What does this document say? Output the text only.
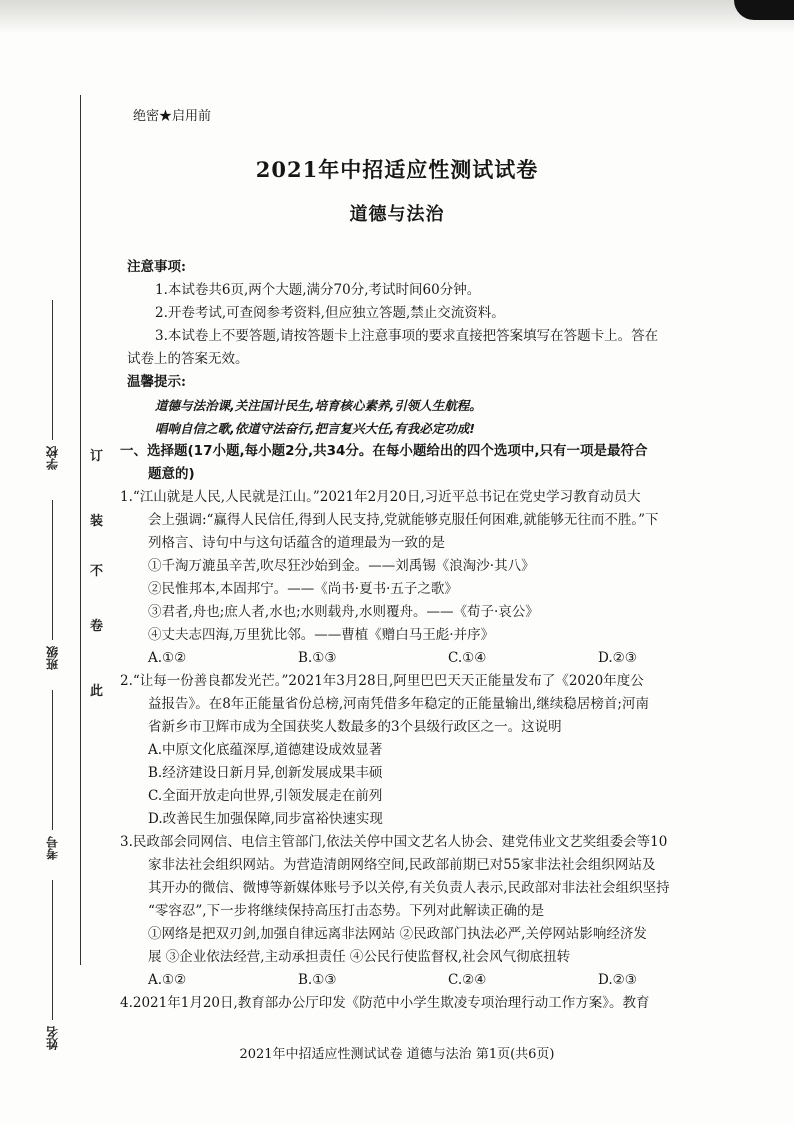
学校
班级
考号
姓名
订
装
不
卷
此
绝密★启用前
2021年中招适应性测试试卷
道德与法治
注意事项:
1.本试卷共6页,两个大题,满分70分,考试时间60分钟。
2.开卷考试,可查阅参考资料,但应独立答题,禁止交流资料。
3.本试卷上不要答题,请按答题卡上注意事项的要求直接把答案填写在答题卡上。答在
试卷上的答案无效。
温馨提示:
道德与法治课,关注国计民生,培育核心素养,引领人生航程。
唱响自信之歌,依道守法奋行,把言复兴大任,有我必定功成!
一、选择题(17小题,每小题2分,共34分。在每小题给出的四个选项中,只有一项是最符合
题意的)
1.“江山就是人民,人民就是江山。”2021年2月20日,习近平总书记在党史学习教育动员大
会上强调:“赢得人民信任,得到人民支持,党就能够克服任何困难,就能够无往而不胜。”下
列格言、诗句中与这句话蕴含的道理最为一致的是
①千淘万漉虽辛苦,吹尽狂沙始到金。——刘禹锡《浪淘沙·其八》
②民惟邦本,本固邦宁。——《尚书·夏书·五子之歌》
③君者,舟也;庶人者,水也;水则载舟,水则覆舟。——《荀子·哀公》
④丈夫志四海,万里犹比邻。——曹植《赠白马王彪·并序》
A.①②	B.①③	C.①④	D.②③
2.“让每一份善良都发光芒。”2021年3月28日,阿里巴巴天天正能量发布了《2020年度公
益报告》。在8年正能量省份总榜,河南凭借多年稳定的正能量输出,继续稳居榜首;河南
省新乡市卫辉市成为全国获奖人数最多的3个县级行政区之一。这说明
A.中原文化底蕴深厚,道德建设成效显著
B.经济建设日新月异,创新发展成果丰硕
C.全面开放走向世界,引领发展走在前列
D.改善民生加强保障,同步富裕快速实现
3.民政部会同网信、电信主管部门,依法关停中国文艺名人协会、建党伟业文艺奖组委会等10
家非法社会组织网站。为营造清朗网络空间,民政部前期已对55家非法社会组织网站及
其开办的微信、微博等新媒体账号予以关停,有关负责人表示,民政部对非法社会组织坚持
“零容忍”,下一步将继续保持高压打击态势。下列对此解读正确的是
①网络是把双刃剑,加强自律远离非法网站 ②民政部门执法必严,关停网站影响经济发
展 ③企业依法经营,主动承担责任 ④公民行使监督权,社会风气彻底扭转
A.①②	B.①③	C.②④	D.②③
4.2021年1月20日,教育部办公厅印发《防范中小学生欺凌专项治理行动工作方案》。教育
2021年中招适应性测试试卷 道德与法治 第1页(共6页)
